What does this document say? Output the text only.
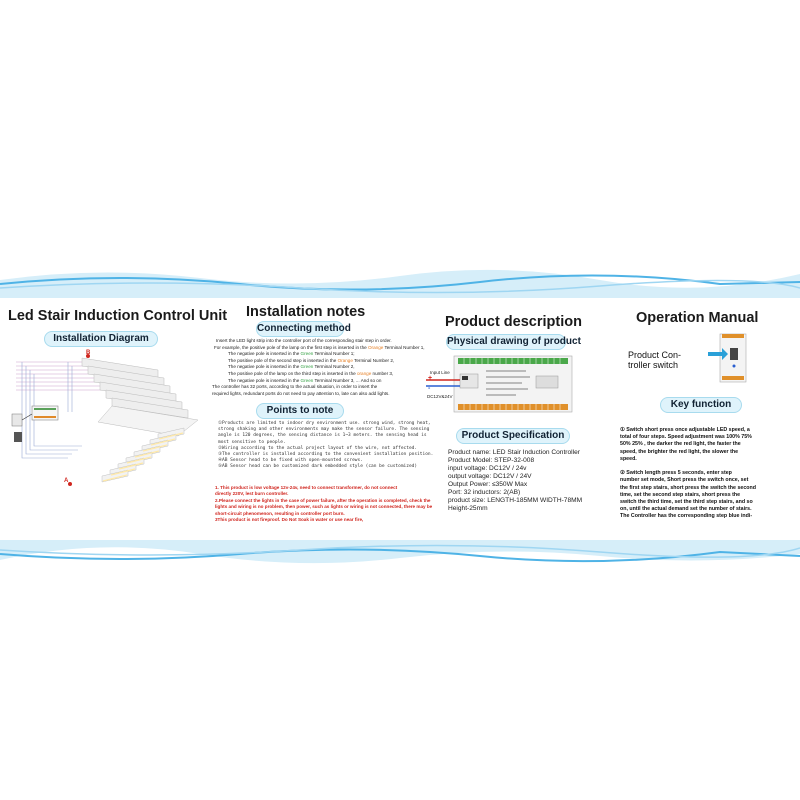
Led Stair Induction Control Unit
Installation Diagram
B
A
Installation notes
Connecting method
Insert the LED light strip into the controller port of the corresponding stair step in order.
For example, the positive pole of the lamp on the first step is inserted in the Orange Terminal Number 1,
The negative pole is inserted in the Green Terminal Number 1;
The positive pole of the second step is inserted in the Orange Terminal Number 2,
The negative pole is inserted in the Green Terminal Number 2,
The positive pole of the lamp on the third step is inserted in the orange number 3,
The negative pole is inserted in the Green Terminal Number 3, ... And so on
The controller has 32 ports, according to the actual situation, in order to insert the
required lights, redundant ports do not need to pay attention to, late can also add lights.
Points to note
①Products are limited to indoor dry environment use. strong wind, strong heat,
strong shaking and other environments may make the sensor failure. The sensing
angle is 120 degrees, the sensing distance is 1~3 meters. the sensing head is
most sensitive to people.
②Wiring according to the actual project layout of the wire, not affected.
③The controller is installed according to the convenient installation position.
④AB Sensor head to be fixed with open-mounted screws.
⑤AB Sensor head can be customized dark embedded style (can be customized)
1. This product is low voltage 12v-24v, need to connect transformer, do not connect
directly 220V, lest burn controller.
2.Please connect the lights in the case of power failure, after the operation is completed, check the
lights and wiring is no problem, then power, such as lights or wiring is not connected, there may be
short-circuit phenomenon, resulting in controller port burn.
3This product is not fireproof. Do Not Soak in water or use near fire,
Product description
Physical drawing of product
Input Line
+
-
DC12V&24V
Product Specification
Product name: LED Stair Induction Controller
Product Model: STEP-32-008
input voltage: DC12V / 24v
output voltage: DC12V / 24V
Output Power: ≤350W Max
Port: 32 inductors: 2(AB)
product size: LENGTH-185MM WIDTH-78MM
Height-25mm
Operation Manual
Product Con-
troller switch
Key function
① Switch short press once adjustable LED speed, a
total of four steps. Speed adjustment was 100% 75%
50% 25% , the darker the red light, the faster the
speed, the brighter the red light, the slower the
speed.

② Switch length press 5 seconds, enter step
number set mode, Short press the switch once, set
the first step stairs, short press the switch the second
time, set the second step stairs, short press the
switch the third time, set the third step stairs, and so
on, until the actual demand set the number of stairs.
The Controller has the corresponding step blue indi-
